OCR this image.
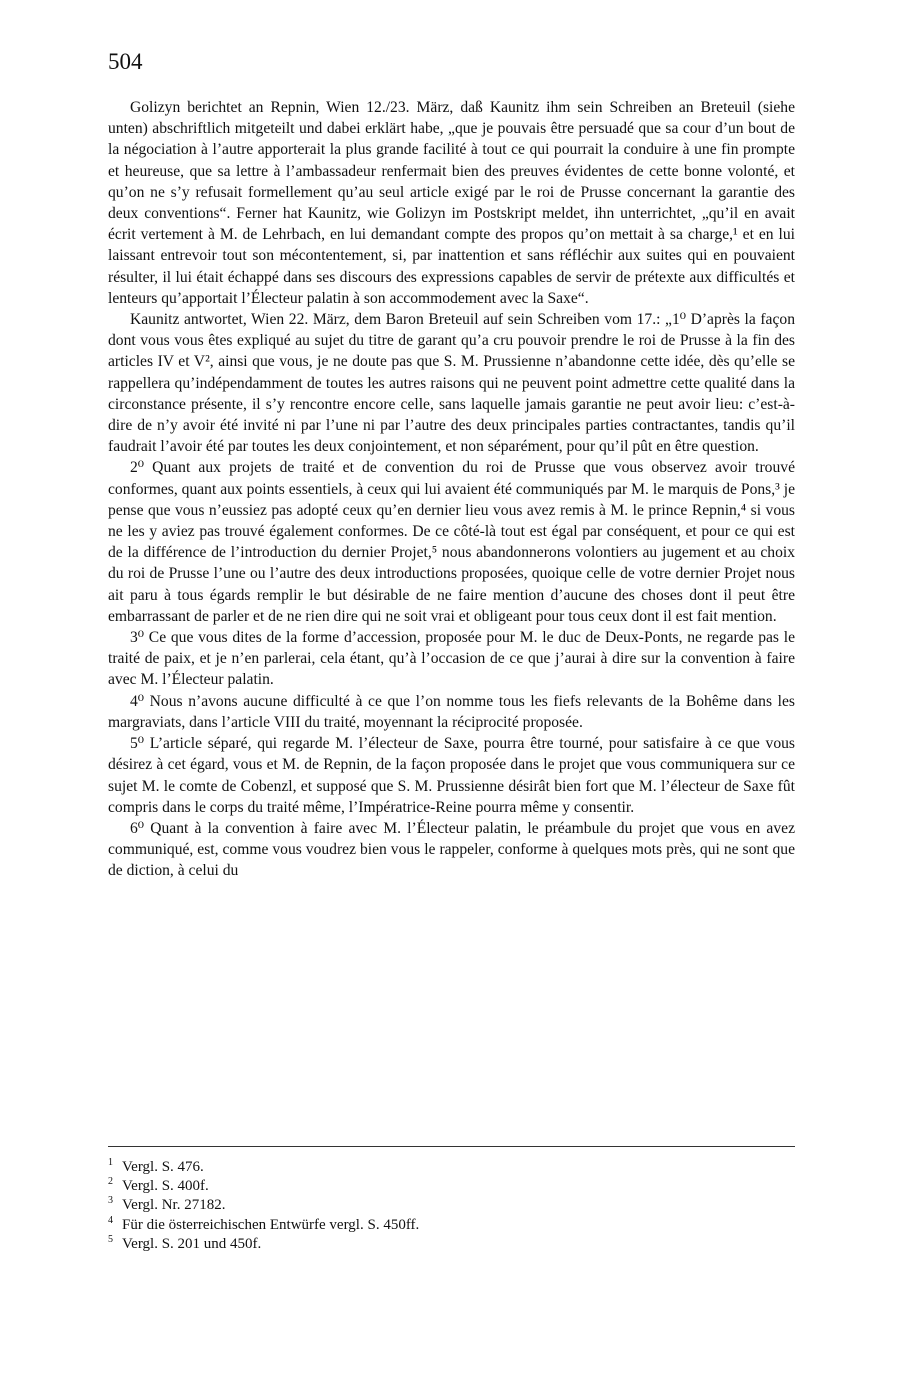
504

Golizyn berichtet an Repnin, Wien 12./23. März, daß Kaunitz ihm sein Schreiben an Breteuil (siehe unten) abschriftlich mitgeteilt und dabei erklärt habe, „que je pouvais être persuadé que sa cour d’un bout de la négociation à l’autre apporterait la plus grande facilité à tout ce qui pourrait la conduire à une fin prompte et heureuse, que sa lettre à l’ambassadeur renfermait bien des preuves évidentes de cette bonne volonté, et qu’on ne s’y refusait formellement qu’au seul article exigé par le roi de Prusse concernant la garantie des deux conventions“. Ferner hat Kaunitz, wie Golizyn im Postskript meldet, ihn unterrichtet, „qu’il en avait écrit vertement à M. de Lehrbach, en lui demandant compte des propos qu’on mettait à sa charge,¹ et en lui laissant entrevoir tout son mécontentement, si, par inattention et sans réfléchir aux suites qui en pouvaient résulter, il lui était échappé dans ses discours des expressions capables de servir de prétexte aux difficultés et lenteurs qu’apportait l’Électeur palatin à son accommodement avec la Saxe“.

Kaunitz antwortet, Wien 22. März, dem Baron Breteuil auf sein Schreiben vom 17.: „1⁰ D’après la façon dont vous vous êtes expliqué au sujet du titre de garant qu’a cru pouvoir prendre le roi de Prusse à la fin des articles IV et V², ainsi que vous, je ne doute pas que S. M. Prussienne n’abandonne cette idée, dès qu’elle se rappellera qu’indépendamment de toutes les autres raisons qui ne peuvent point admettre cette qualité dans la circonstance présente, il s’y rencontre encore celle, sans laquelle jamais garantie ne peut avoir lieu: c’est-à-dire de n’y avoir été invité ni par l’une ni par l’autre des deux principales parties contractantes, tandis qu’il faudrait l’avoir été par toutes les deux conjointement, et non séparément, pour qu’il pût en être question.

2⁰ Quant aux projets de traité et de convention du roi de Prusse que vous observez avoir trouvé conformes, quant aux points essentiels, à ceux qui lui avaient été communiqués par M. le marquis de Pons,³ je pense que vous n’eussiez pas adopté ceux qu’en dernier lieu vous avez remis à M. le prince Repnin,⁴ si vous ne les y aviez pas trouvé également conformes. De ce côté-là tout est égal par conséquent, et pour ce qui est de la différence de l’introduction du dernier Projet,⁵ nous abandonnerons volontiers au jugement et au choix du roi de Prusse l’une ou l’autre des deux introductions proposées, quoique celle de votre dernier Projet nous ait paru à tous égards remplir le but désirable de ne faire mention d’aucune des choses dont il peut être embarrassant de parler et de ne rien dire qui ne soit vrai et obligeant pour tous ceux dont il est fait mention.

3⁰ Ce que vous dites de la forme d’accession, proposée pour M. le duc de Deux-Ponts, ne regarde pas le traité de paix, et je n’en parlerai, cela étant, qu’à l’occasion de ce que j’aurai à dire sur la convention à faire avec M. l’Électeur palatin.

4⁰ Nous n’avons aucune difficulté à ce que l’on nomme tous les fiefs relevants de la Bohême dans les margraviats, dans l’article VIII du traité, moyennant la réciprocité proposée.

5⁰ L’article séparé, qui regarde M. l’électeur de Saxe, pourra être tourné, pour satisfaire à ce que vous désirez à cet égard, vous et M. de Repnin, de la façon proposée dans le projet que vous communiquera sur ce sujet M. le comte de Cobenzl, et supposé que S. M. Prussienne désirât bien fort que M. l’électeur de Saxe fût compris dans le corps du traité même, l’Impératrice-Reine pourra même y consentir.

6⁰ Quant à la convention à faire avec M. l’Électeur palatin, le préambule du projet que vous en avez communiqué, est, comme vous voudrez bien vous le rappeler, conforme à quelques mots près, qui ne sont que de diction, à celui du

1 Vergl. S. 476.

2 Vergl. S. 400f.

3 Vergl. Nr. 27182.

4 Für die österreichischen Entwürfe vergl. S. 450ff.

5 Vergl. S. 201 und 450f.
